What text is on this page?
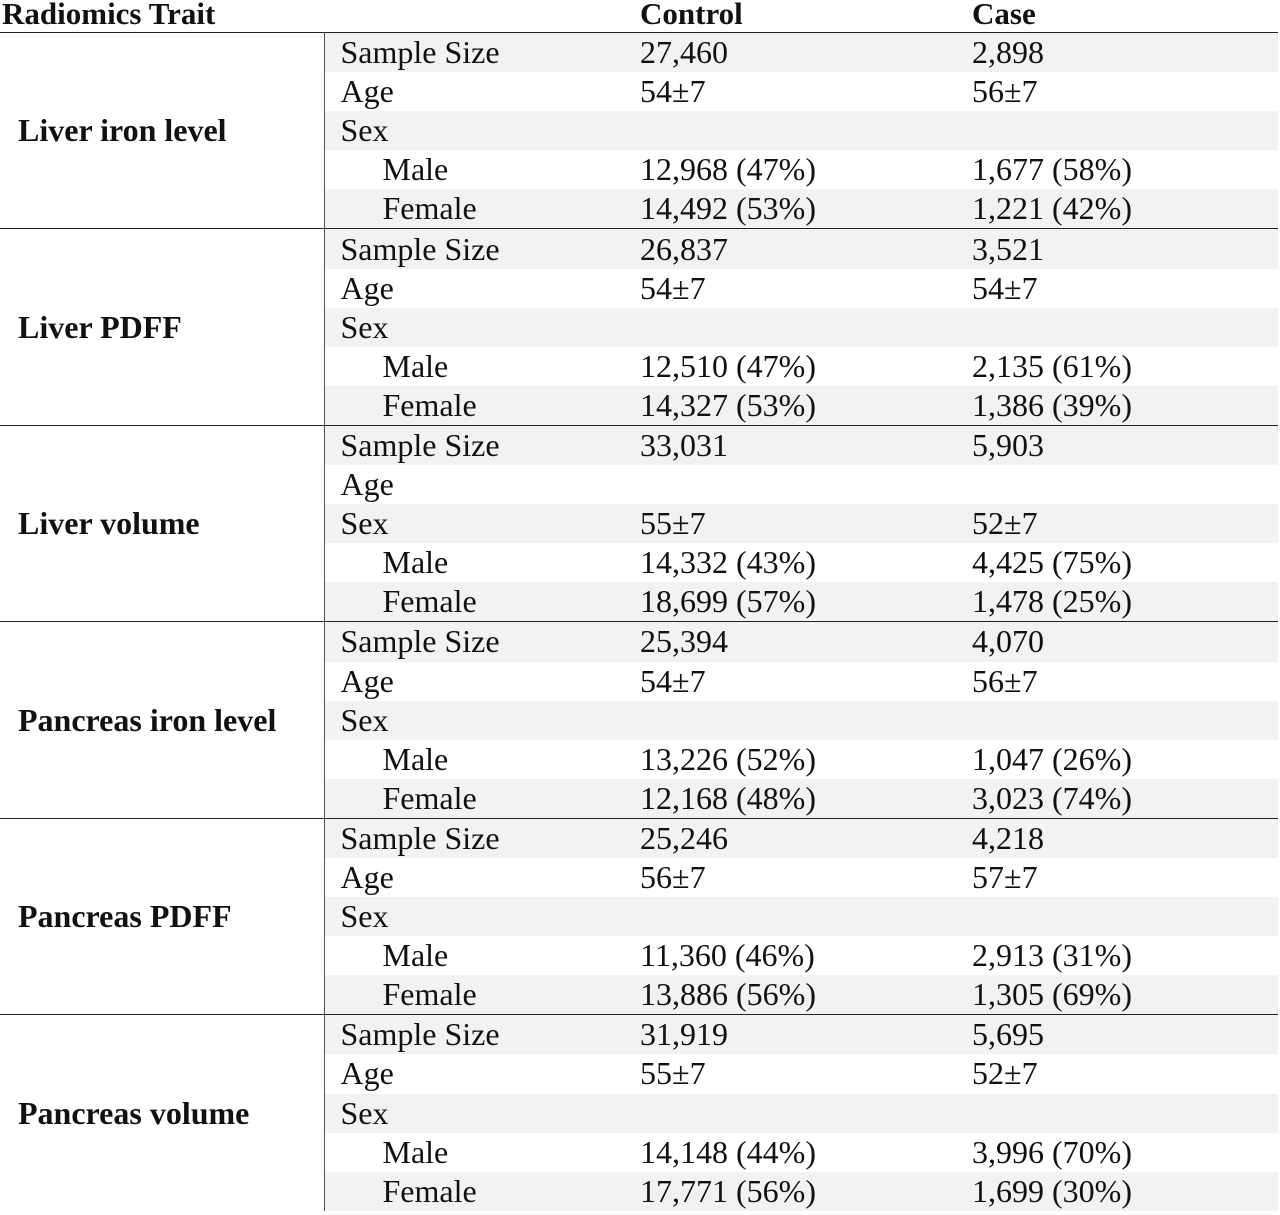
Radiomics Trait		Control	Case
Liver iron level	Sample Size	27,460	2,898
	Age	54±7	56±7
	Sex		
	Male	12,968 (47%)	1,677 (58%)
	Female	14,492 (53%)	1,221 (42%)
Liver PDFF	Sample Size	26,837	3,521
	Age	54±7	54±7
	Sex		
	Male	12,510 (47%)	2,135 (61%)
	Female	14,327 (53%)	1,386 (39%)
Liver volume	Sample Size	33,031	5,903
	Age		
	Sex	55±7	52±7
	Male	14,332 (43%)	4,425 (75%)
	Female	18,699 (57%)	1,478 (25%)
Pancreas iron level	Sample Size	25,394	4,070
	Age	54±7	56±7
	Sex		
	Male	13,226 (52%)	1,047 (26%)
	Female	12,168 (48%)	3,023 (74%)
Pancreas PDFF	Sample Size	25,246	4,218
	Age	56±7	57±7
	Sex		
	Male	11,360 (46%)	2,913 (31%)
	Female	13,886 (56%)	1,305 (69%)
Pancreas volume	Sample Size	31,919	5,695
	Age	55±7	52±7
	Sex		
	Male	14,148 (44%)	3,996 (70%)
	Female	17,771 (56%)	1,699 (30%)
